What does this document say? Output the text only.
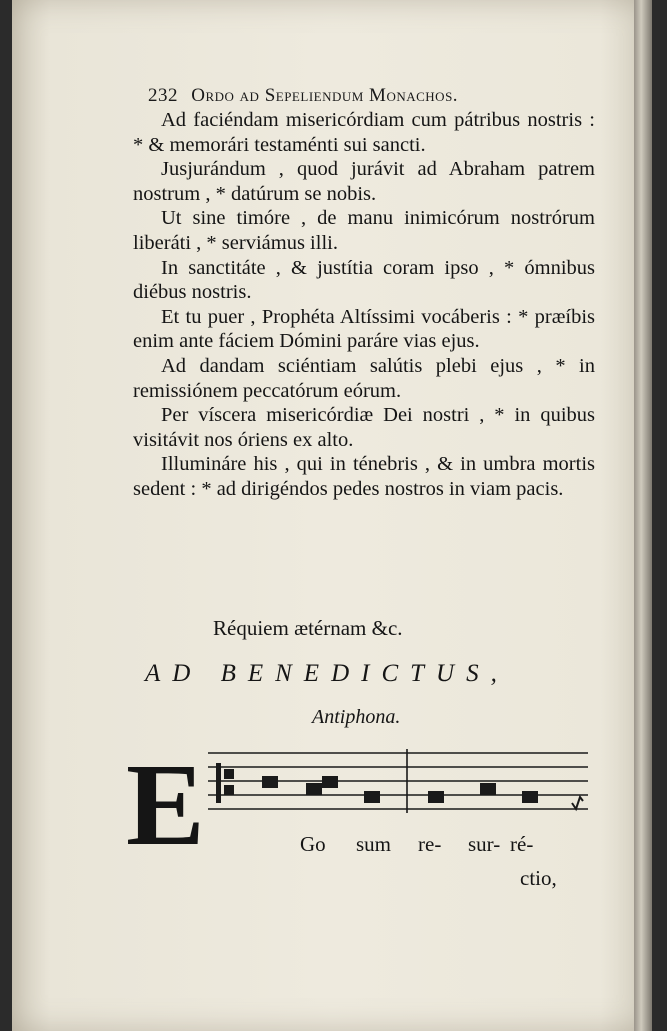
232 Ordo ad Sepeliendum Monachos.

Ad faciéndam misericórdiam cum pátribus nostris : * & memorári testaménti sui sancti.

Jusjurándum , quod jurávit ad Abraham patrem nostrum , * datúrum se nobis.

Ut sine timóre , de manu inimicórum nostrórum liberáti , * serviámus illi.

In sanctitáte , & justítia coram ipso , * ómnibus diébus nostris.

Et tu puer , Prophéta Altíssimi vocáberis : * præíbis enim ante fáciem Dómini paráre vias ejus.

Ad dandam sciéntiam salútis plebi ejus , * in remissiónem peccatórum eórum.

Per víscera misericórdiæ Dei nostri , * in quibus visitávit nos óriens ex alto.

Illumináre his , qui in ténebris , & in umbra mortis sedent : * ad dirigéndos pedes nostros in viam pacis.

Réquiem ætérnam &c.
AD BENEDICTUS,
Antiphona.
E	Go sum re- sur- ré-
ctio,
